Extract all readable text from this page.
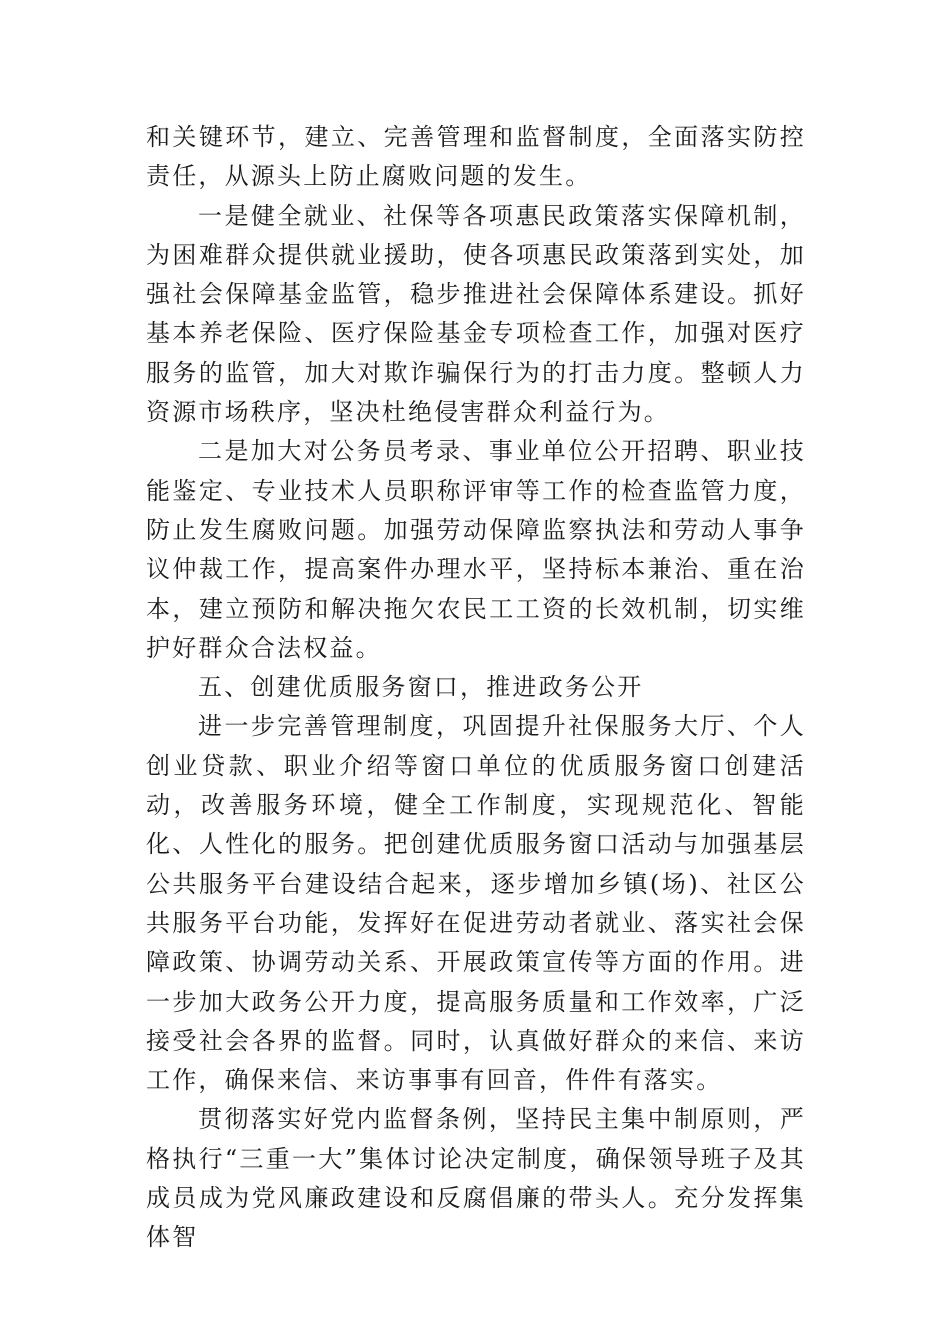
和关键环节，建立、完善管理和监督制度，全面落实防控责任，从源头上防止腐败问题的发生。

一是健全就业、社保等各项惠民政策落实保障机制，为困难群众提供就业援助，使各项惠民政策落到实处，加强社会保障基金监管，稳步推进社会保障体系建设。抓好基本养老保险、医疗保险基金专项检查工作，加强对医疗服务的监管，加大对欺诈骗保行为的打击力度。整顿人力资源市场秩序，坚决杜绝侵害群众利益行为。

二是加大对公务员考录、事业单位公开招聘、职业技能鉴定、专业技术人员职称评审等工作的检查监管力度，防止发生腐败问题。加强劳动保障监察执法和劳动人事争议仲裁工作，提高案件办理水平，坚持标本兼治、重在治本，建立预防和解决拖欠农民工工资的长效机制，切实维护好群众合法权益。

五、创建优质服务窗口，推进政务公开

进一步完善管理制度，巩固提升社保服务大厅、个人创业贷款、职业介绍等窗口单位的优质服务窗口创建活动，改善服务环境，健全工作制度，实现规范化、智能化、人性化的服务。把创建优质服务窗口活动与加强基层公共服务平台建设结合起来，逐步增加乡镇(场)、社区公共服务平台功能，发挥好在促进劳动者就业、落实社会保障政策、协调劳动关系、开展政策宣传等方面的作用。进一步加大政务公开力度，提高服务质量和工作效率，广泛接受社会各界的监督。同时，认真做好群众的来信、来访工作，确保来信、来访事事有回音，件件有落实。

贯彻落实好党内监督条例，坚持民主集中制原则，严格执行“三重一大”集体讨论决定制度，确保领导班子及其成员成为党风廉政建设和反腐倡廉的带头人。充分发挥集体智
